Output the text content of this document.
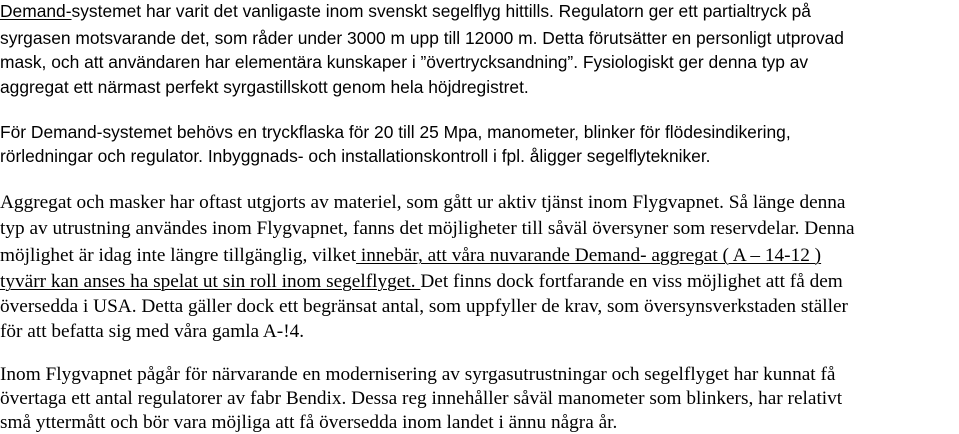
Demand-systemet har varit det vanligaste inom svenskt segelflyg hittills. Regulatorn ger ett partialtryck på
syrgasen motsvarande det, som råder under 3000 m upp till 12000 m. Detta förutsätter en personligt utprovad
mask, och att användaren har elementära kunskaper i ”övertrycksandning”. Fysiologiskt ger denna typ av
aggregat ett närmast perfekt syrgastillskott genom hela höjdregistret.
För Demand-systemet behövs en tryckflaska för 20 till 25 Mpa, manometer, blinker för flödesindikering,
rörledningar och regulator. Inbyggnads- och installationskontroll i fpl. åligger segelflytekniker.
Aggregat och masker har oftast utgjorts av materiel, som gått ur aktiv tjänst inom Flygvapnet. Så länge denna
typ av utrustning användes inom Flygvapnet, fanns det möjligheter till såväl översyner som reservdelar. Denna
möjlighet är idag inte längre tillgänglig, vilket innebär, att våra nuvarande Demand- aggregat ( A – 14-12 )
tyvärr kan anses ha spelat ut sin roll inom segelflyget. Det finns dock fortfarande en viss möjlighet att få dem
översedda i USA. Detta gäller dock ett begränsat antal, som uppfyller de krav, som översynsverkstaden ställer
för att befatta sig med våra gamla A-!4.
Inom Flygvapnet pågår för närvarande en modernisering av syrgasutrustningar och segelflyget har kunnat få
övertaga ett antal regulatorer av fabr Bendix. Dessa reg innehåller såväl manometer som blinkers, har relativt
små yttermått och bör vara möjliga att få översedda inom landet i ännu några år.
